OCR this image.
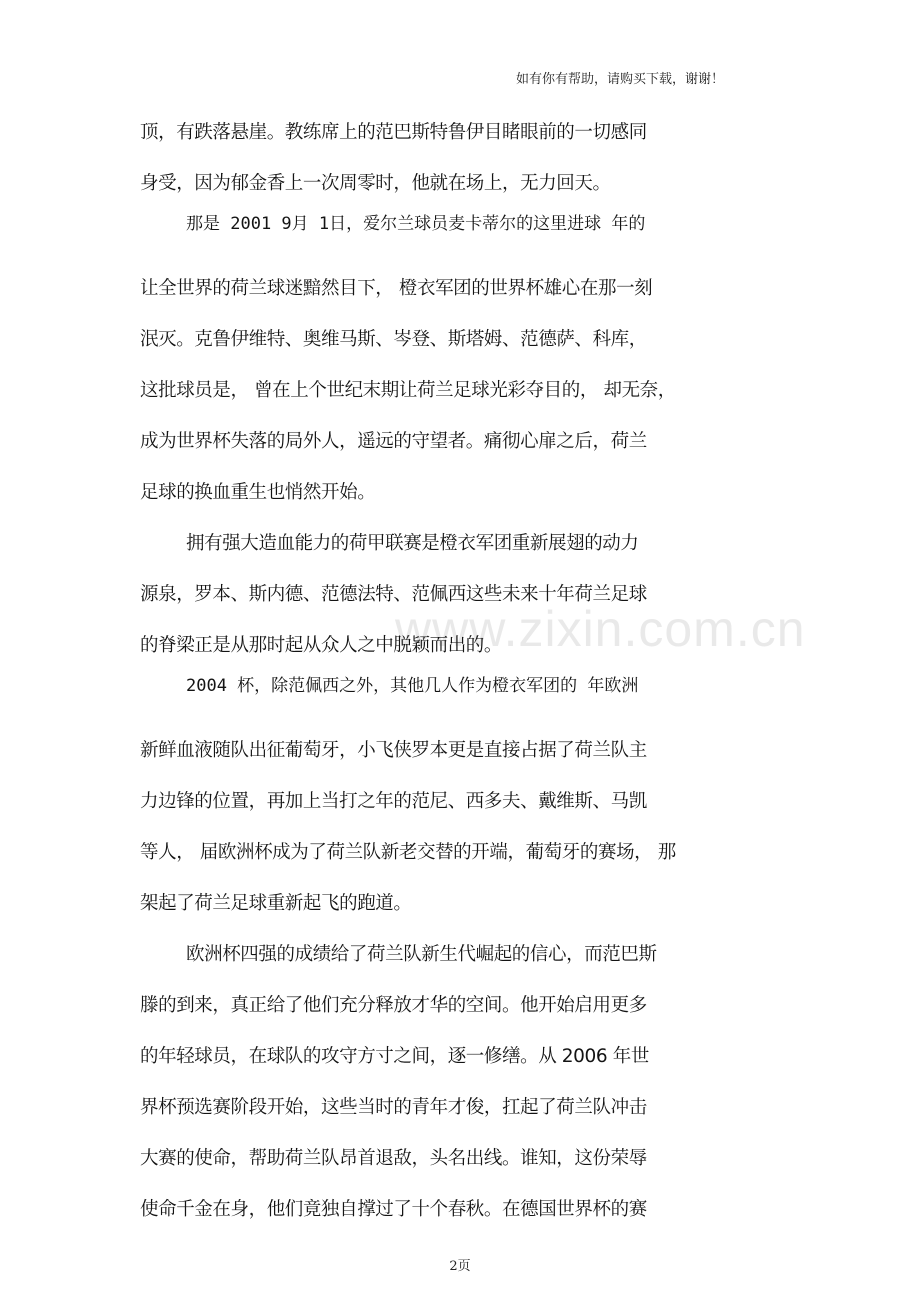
如有你有帮助，请购买下载，谢谢！
www.zixin.com.cn
顶，有跌落悬崖。教练席上的范巴斯特鲁伊目睹眼前的一切感同
身受，因为郁金香上一次周零时，他就在场上，无力回天。
那是 2001 9月 1日，爱尔兰球员麦卡蒂尔的这里进球 年的
让全世界的荷兰球迷黯然目下， 橙衣军团的世界杯雄心在那一刻
泯灭。克鲁伊维特、奥维马斯、岑登、斯塔姆、范德萨、科库，
这批球员是， 曾在上个世纪末期让荷兰足球光彩夺目的， 却无奈，
成为世界杯失落的局外人，遥远的守望者。痛彻心扉之后，荷兰
足球的换血重生也悄然开始。
拥有强大造血能力的荷甲联赛是橙衣军团重新展翅的动力
源泉，罗本、斯内德、范德法特、范佩西这些未来十年荷兰足球
的脊梁正是从那时起从众人之中脱颖而出的。
2004 杯，除范佩西之外，其他几人作为橙衣军团的 年欧洲
新鲜血液随队出征葡萄牙，小飞侠罗本更是直接占据了荷兰队主
力边锋的位置，再加上当打之年的范尼、西多夫、戴维斯、马凯
等人， 届欧洲杯成为了荷兰队新老交替的开端，葡萄牙的赛场， 那
架起了荷兰足球重新起飞的跑道。
欧洲杯四强的成绩给了荷兰队新生代崛起的信心，而范巴斯
滕的到来，真正给了他们充分释放才华的空间。他开始启用更多
的年轻球员，在球队的攻守方寸之间，逐一修缮。从 2006 年世
界杯预选赛阶段开始，这些当时的青年才俊，扛起了荷兰队冲击
大赛的使命，帮助荷兰队昂首退敌，头名出线。谁知，这份荣辱
使命千金在身，他们竟独自撑过了十个春秋。在德国世界杯的赛
2页
